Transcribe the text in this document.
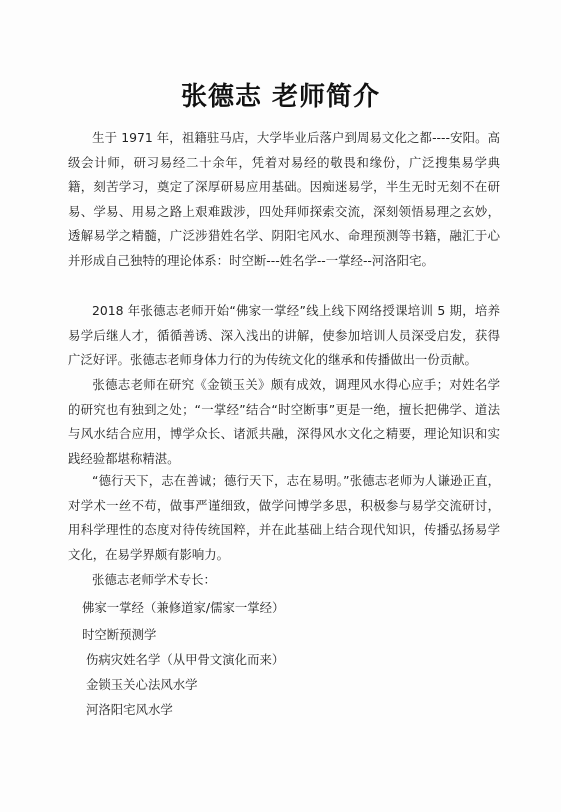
张德志 老师简介

生于 1971 年，祖籍驻马店，大学毕业后落户到周易文化之都----安阳。高级会计师，研习易经二十余年，凭着对易经的敬畏和缘份，广泛搜集易学典籍，刻苦学习，奠定了深厚研易应用基础。因痴迷易学，半生无时无刻不在研易、学易、用易之路上艰难跋涉，四处拜师探索交流，深刻领悟易理之玄妙，透解易学之精髓，广泛涉猎姓名学、阴阳宅风水、命理预测等书籍，融汇于心并形成自己独特的理论体系：时空断---姓名学--一掌经--河洛阳宅。

2018 年张德志老师开始“佛家一掌经”线上线下网络授课培训 5 期，培养易学后继人才，循循善诱、深入浅出的讲解，使参加培训人员深受启发，获得广泛好评。张德志老师身体力行的为传统文化的继承和传播做出一份贡献。

张德志老师在研究《金锁玉关》颇有成效，调理风水得心应手；对姓名学的研究也有独到之处；“一掌经”结合“时空断事”更是一绝，擅长把佛学、道法与风水结合应用，博学众长、诸派共融，深得风水文化之精要，理论知识和实践经验都堪称精湛。

“德行天下，志在善诚；德行天下，志在易明。”张德志老师为人谦逊正直，对学术一丝不苟，做事严谨细致，做学问博学多思，积极参与易学交流研讨，用科学理性的态度对待传统国粹，并在此基础上结合现代知识，传播弘扬易学文化，在易学界颇有影响力。

张德志老师学术专长：
佛家一掌经（兼修道家/儒家一掌经）
时空断预测学
伤病灾姓名学（从甲骨文演化而来）
金锁玉关心法风水学
河洛阳宅风水学
